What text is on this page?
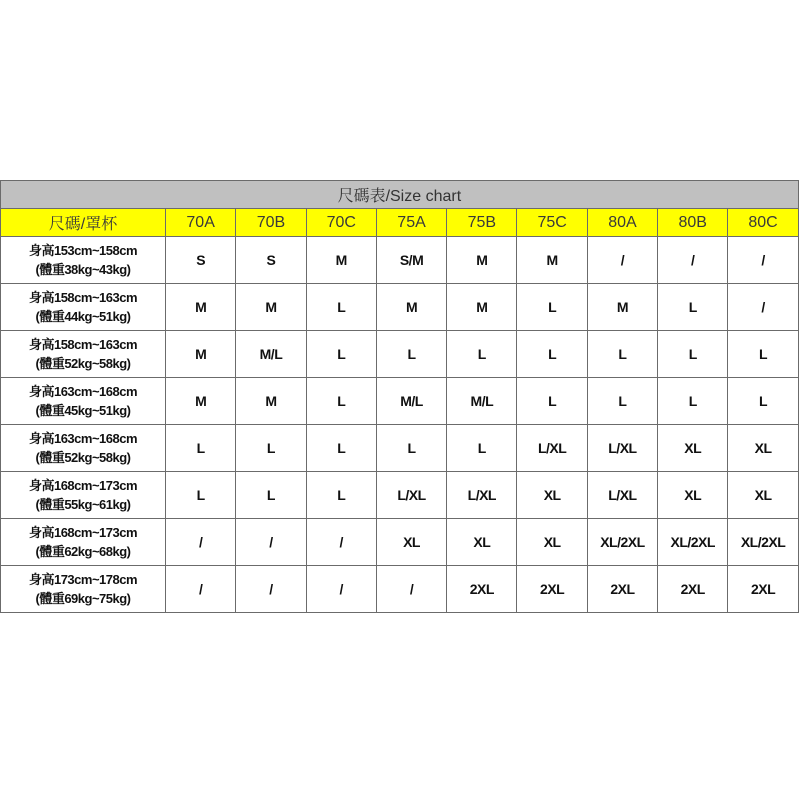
尺碼表/Size chart									
尺碼/罩杯	70A	70B	70C	75A	75B	75C	80A	80B	80C

身高153cm~158cm
(體重38kg~43kg)	S	S	M	S/M	M	M	/	/	/

身高158cm~163cm
(體重44kg~51kg)	M	M	L	M	M	L	M	L	/

身高158cm~163cm
(體重52kg~58kg)	M	M/L	L	L	L	L	L	L	L

身高163cm~168cm
(體重45kg~51kg)	M	M	L	M/L	M/L	L	L	L	L

身高163cm~168cm
(體重52kg~58kg)	L	L	L	L	L	L/XL	L/XL	XL	XL

身高168cm~173cm
(體重55kg~61kg)	L	L	L	L/XL	L/XL	XL	L/XL	XL	XL

身高168cm~173cm
(體重62kg~68kg)	/	/	/	XL	XL	XL	XL/2XL	XL/2XL	XL/2XL

身高173cm~178cm
(體重69kg~75kg)	/	/	/	/	2XL	2XL	2XL	2XL	2XL
